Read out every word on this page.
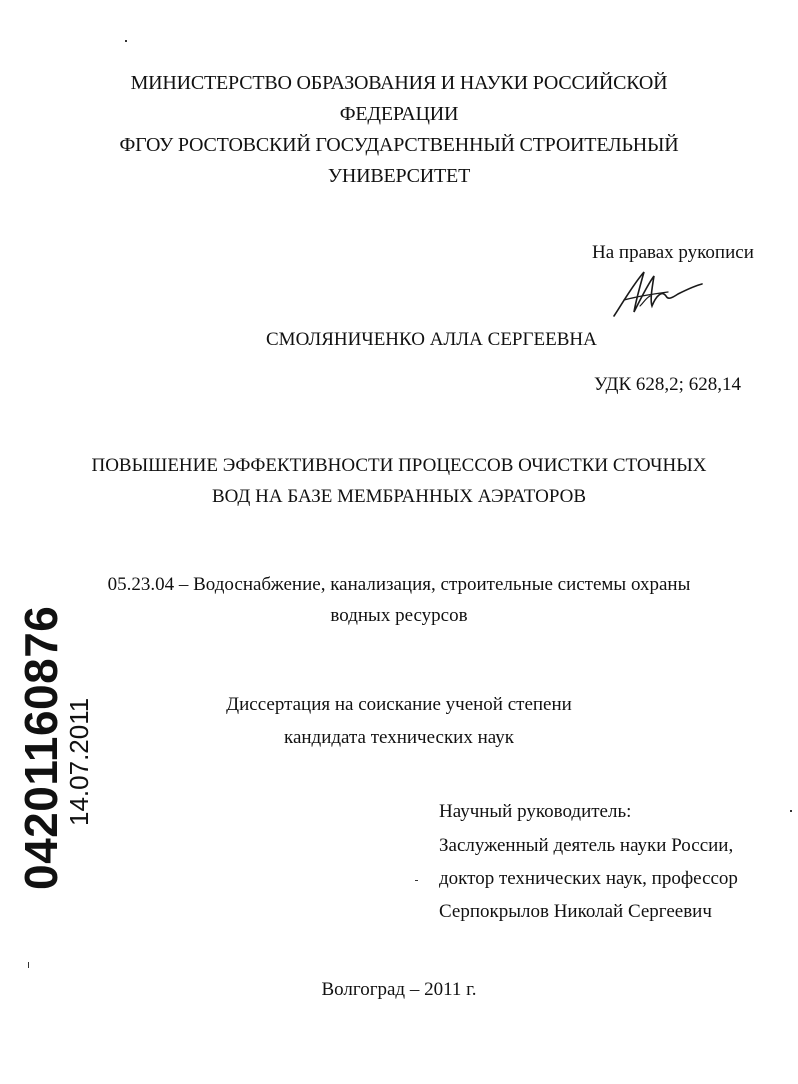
МИНИСТЕРСТВО ОБРАЗОВАНИЯ И НАУКИ РОССИЙСКОЙ
ФЕДЕРАЦИИ
ФГОУ РОСТОВСКИЙ ГОСУДАРСТВЕННЫЙ СТРОИТЕЛЬНЫЙ
УНИВЕРСИТЕТ
На правах рукописи
СМОЛЯНИЧЕНКО АЛЛА СЕРГЕЕВНА
УДК 628,2; 628,14
ПОВЫШЕНИЕ ЭФФЕКТИВНОСТИ ПРОЦЕССОВ ОЧИСТКИ СТОЧНЫХ
ВОД НА БАЗЕ МЕМБРАННЫХ АЭРАТОРОВ
05.23.04 – Водоснабжение, канализация, строительные системы охраны
водных ресурсов
Диссертация на соискание ученой степени
кандидата технических наук
Научный руководитель:
Заслуженный деятель науки России,
доктор технических наук, профессор
Серпокрылов Николай Сергеевич
Волгоград – 2011 г.
04201160876
14.07.2011
